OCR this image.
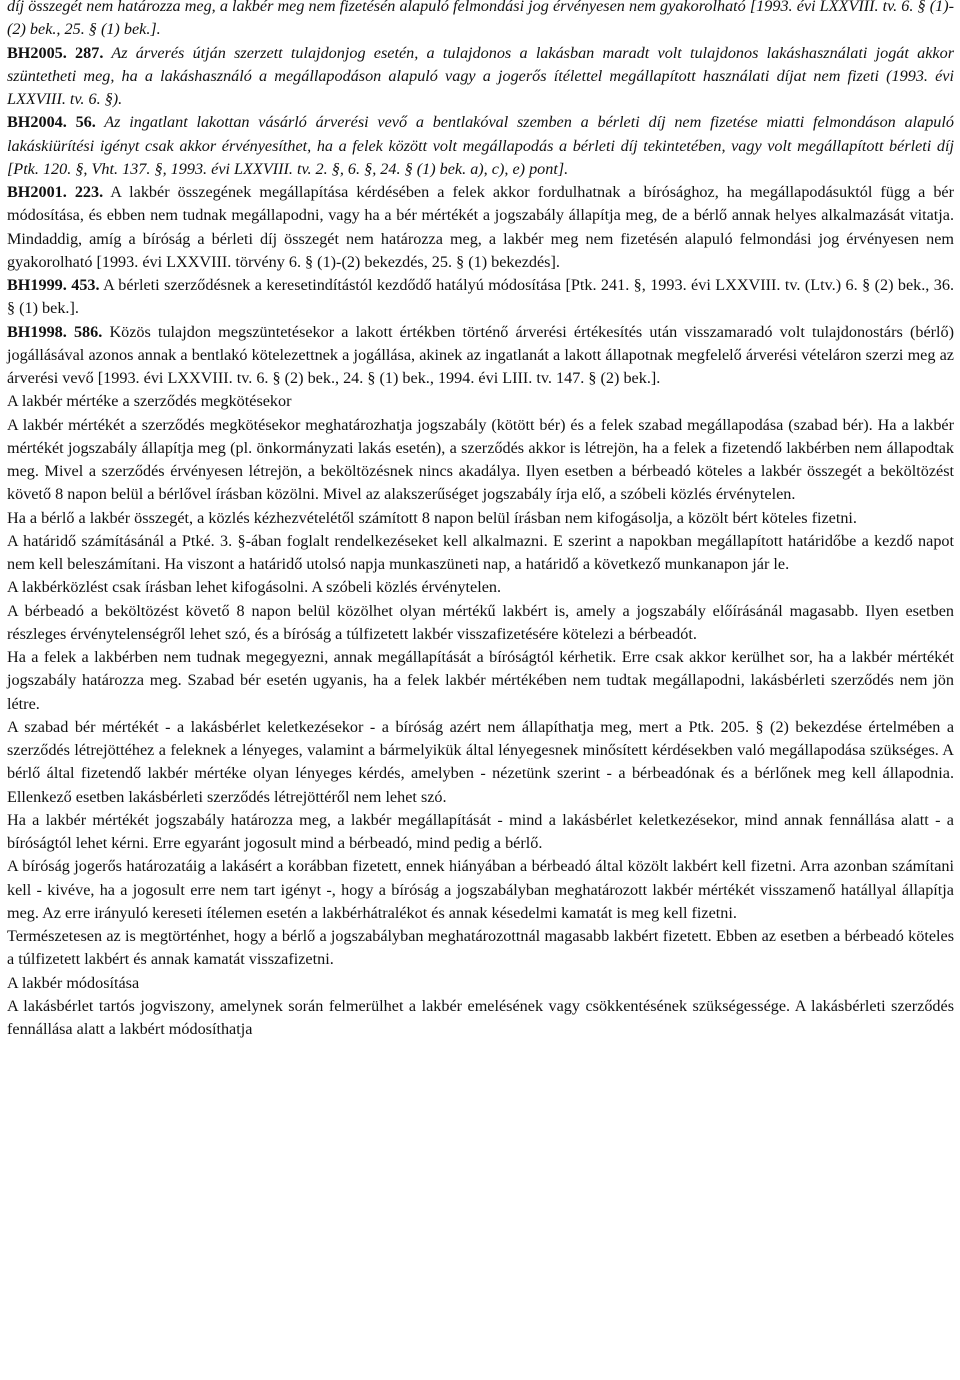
díj összegét nem határozza meg, a lakbér meg nem fizetésén alapuló felmondási jog érvényesen nem gyakorolható [1993. évi LXXVIII. tv. 6. § (1)-(2) bek., 25. § (1) bek.].

BH2005. 287. Az árverés útján szerzett tulajdonjog esetén, a tulajdonos a lakásban maradt volt tulajdonos lakáshasználati jogát akkor szüntetheti meg, ha a lakáshasználó a megállapodáson alapuló vagy a jogerős ítélettel megállapított használati díjat nem fizeti (1993. évi LXXVIII. tv. 6. §).

BH2004. 56. Az ingatlant lakottan vásárló árverési vevő a bentlakóval szemben a bérleti díj nem fizetése miatti felmondáson alapuló lakáskiürítési igényt csak akkor érvényesíthet, ha a felek között volt megállapodás a bérleti díj tekintetében, vagy volt megállapított bérleti díj [Ptk. 120. §, Vht. 137. §, 1993. évi LXXVIII. tv. 2. §, 6. §, 24. § (1) bek. a), c), e) pont].

BH2001. 223. A lakbér összegének megállapítása kérdésében a felek akkor fordulhatnak a bírósághoz, ha megállapodásuktól függ a bér módosítása, és ebben nem tudnak megállapodni, vagy ha a bér mértékét a jogszabály állapítja meg, de a bérlő annak helyes alkalmazását vitatja. Mindaddig, amíg a bíróság a bérleti díj összegét nem határozza meg, a lakbér meg nem fizetésén alapuló felmondási jog érvényesen nem gyakorolható [1993. évi LXXVIII. törvény 6. § (1)-(2) bekezdés, 25. § (1) bekezdés].

BH1999. 453. A bérleti szerződésnek a keresetindítástól kezdődő hatályú módosítása [Ptk. 241. §, 1993. évi LXXVIII. tv. (Ltv.) 6. § (2) bek., 36. § (1) bek.].

BH1998. 586. Közös tulajdon megszüntetésekor a lakott értékben történő árverési értékesítés után visszamaradó volt tulajdonostárs (bérlő) jogállásával azonos annak a bentlakó kötelezettnek a jogállása, akinek az ingatlanát a lakott állapotnak megfelelő árverési vételáron szerzi meg az árverési vevő [1993. évi LXXVIII. tv. 6. § (2) bek., 24. § (1) bek., 1994. évi LIII. tv. 147. § (2) bek.].

A lakbér mértéke a szerződés megkötésekor

A lakbér mértékét a szerződés megkötésekor meghatározhatja jogszabály (kötött bér) és a felek szabad megállapodása (szabad bér). Ha a lakbér mértékét jogszabály állapítja meg (pl. önkormányzati lakás esetén), a szerződés akkor is létrejön, ha a felek a fizetendő lakbérben nem állapodtak meg. Mivel a szerződés érvényesen létrejön, a beköltözésnek nincs akadálya. Ilyen esetben a bérbeadó köteles a lakbér összegét a beköltözést követő 8 napon belül a bérlővel írásban közölni. Mivel az alakszerűséget jogszabály írja elő, a szóbeli közlés érvénytelen.

Ha a bérlő a lakbér összegét, a közlés kézhezvételétől számított 8 napon belül írásban nem kifogásolja, a közölt bért köteles fizetni.

A határidő számításánál a Ptké. 3. §-ában foglalt rendelkezéseket kell alkalmazni. E szerint a napokban megállapított határidőbe a kezdő napot nem kell beleszámítani. Ha viszont a határidő utolsó napja munkaszüneti nap, a határidő a következő munkanapon jár le.

A lakbérközlést csak írásban lehet kifogásolni. A szóbeli közlés érvénytelen.

A bérbeadó a beköltözést követő 8 napon belül közölhet olyan mértékű lakbért is, amely a jogszabály előírásánál magasabb. Ilyen esetben részleges érvénytelenségről lehet szó, és a bíróság a túlfizetett lakbér visszafizetésére kötelezi a bérbeadót.

Ha a felek a lakbérben nem tudnak megegyezni, annak megállapítását a bíróságtól kérhetik. Erre csak akkor kerülhet sor, ha a lakbér mértékét jogszabály határozza meg. Szabad bér esetén ugyanis, ha a felek lakbér mértékében nem tudtak megállapodni, lakásbérleti szerződés nem jön létre.

A szabad bér mértékét - a lakásbérlet keletkezésekor - a bíróság azért nem állapíthatja meg, mert a Ptk. 205. § (2) bekezdése értelmében a szerződés létrejöttéhez a feleknek a lényeges, valamint a bármelyikük által lényegesnek minősített kérdésekben való megállapodása szükséges. A bérlő által fizetendő lakbér mértéke olyan lényeges kérdés, amelyben - nézetünk szerint - a bérbeadónak és a bérlőnek meg kell állapodnia. Ellenkező esetben lakásbérleti szerződés létrejöttéről nem lehet szó.

Ha a lakbér mértékét jogszabály határozza meg, a lakbér megállapítását - mind a lakásbérlet keletkezésekor, mind annak fennállása alatt - a bíróságtól lehet kérni. Erre egyaránt jogosult mind a bérbeadó, mind pedig a bérlő.

A bíróság jogerős határozatáig a lakásért a korábban fizetett, ennek hiányában a bérbeadó által közölt lakbért kell fizetni. Arra azonban számítani kell - kivéve, ha a jogosult erre nem tart igényt -, hogy a bíróság a jogszabályban meghatározott lakbér mértékét visszamenő hatállyal állapítja meg. Az erre irányuló kereseti ítélemen esetén a lakbérhátralékot és annak késedelmi kamatát is meg kell fizetni.

Természetesen az is megtörténhet, hogy a bérlő a jogszabályban meghatározottnál magasabb lakbért fizetett. Ebben az esetben a bérbeadó köteles a túlfizetett lakbért és annak kamatát visszafizetni.

A lakbér módosítása

A lakásbérlet tartós jogviszony, amelynek során felmerülhet a lakbér emelésének vagy csökkentésének szükségessége. A lakásbérleti szerződés fennállása alatt a lakbért módosíthatja
